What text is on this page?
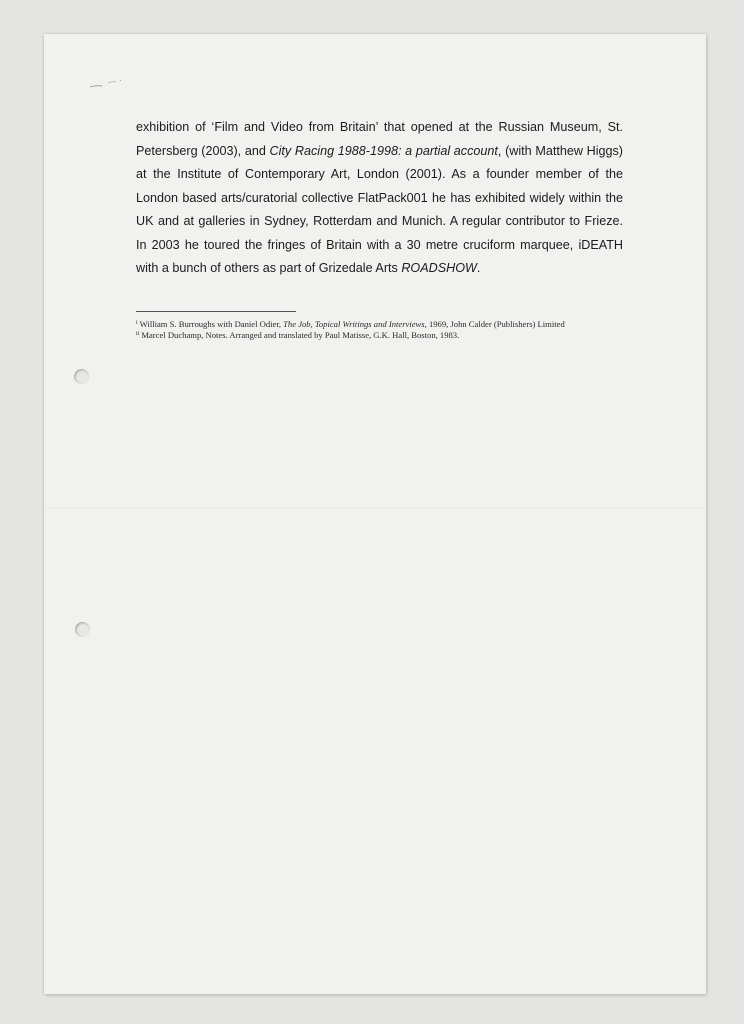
exhibition of ‘Film and Video from Britain’ that opened at the Russian Museum, St. Petersberg (2003), and City Racing 1988-1998: a partial account, (with Matthew Higgs) at the Institute of Contemporary Art, London (2001). As a founder member of the London based arts/curatorial collective FlatPack001 he has exhibited widely within the UK and at galleries in Sydney, Rotterdam and Munich. A regular contributor to Frieze. In 2003 he toured the fringes of Britain with a 30 metre cruciform marquee, iDEATH with a bunch of others as part of Grizedale Arts ROADSHOW.

$^i$ William S. Burroughs with Daniel Odier, The Job, Topical Writings and Interviews, 1969, John Calder (Publishers) Limited

$^{ii}$ Marcel Duchamp, Notes. Arranged and translated by Paul Matisse, G.K. Hall, Boston, 1983.
